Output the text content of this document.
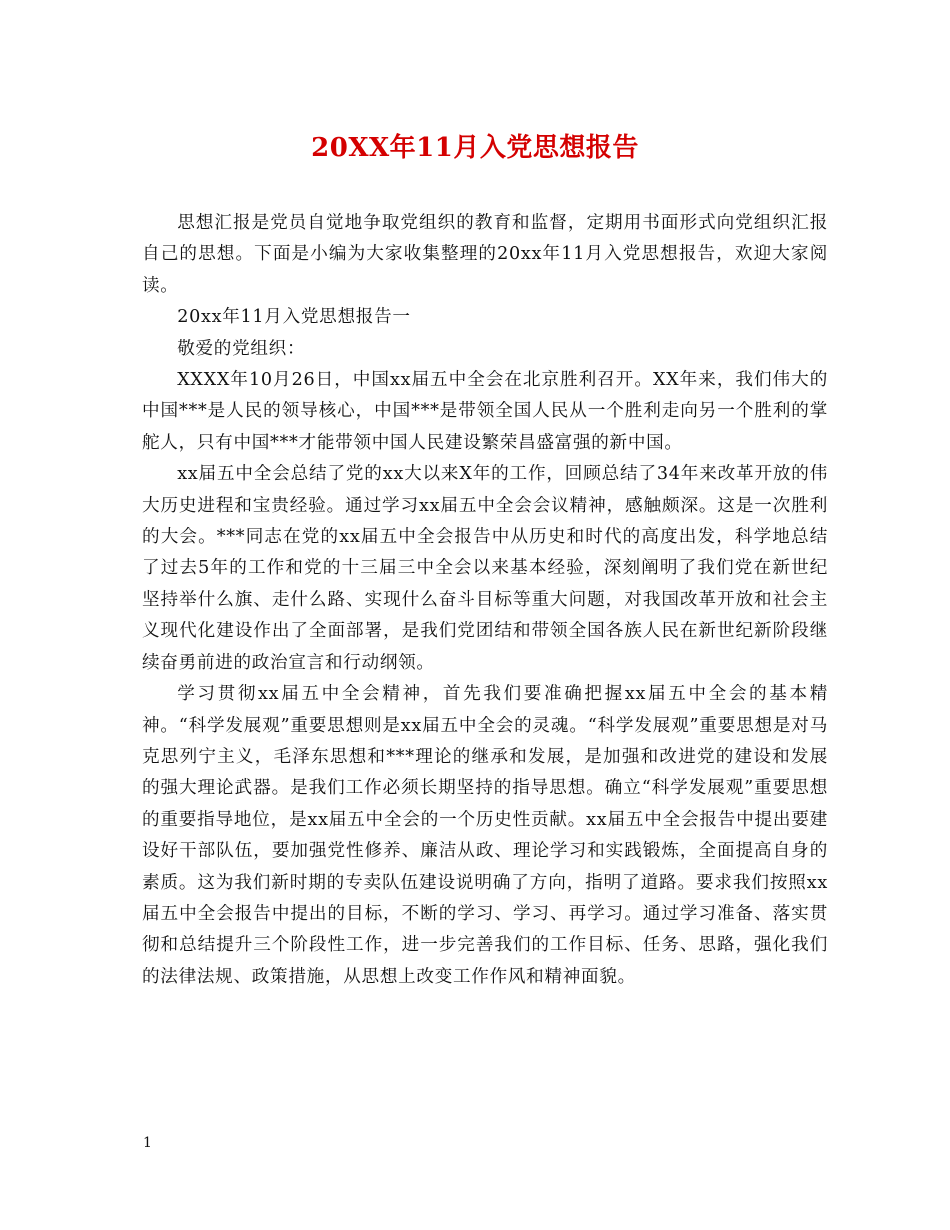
20XX年11月入党思想报告

思想汇报是党员自觉地争取党组织的教育和监督，定期用书面形式向党组织汇报自己的思想。下面是小编为大家收集整理的20xx年11月入党思想报告，欢迎大家阅读。

20xx年11月入党思想报告一

敬爱的党组织：

XXXX年10月26日，中国xx届五中全会在北京胜利召开。XX年来，我们伟大的中国***是人民的领导核心，中国***是带领全国人民从一个胜利走向另一个胜利的掌舵人，只有中国***才能带领中国人民建设繁荣昌盛富强的新中国。

xx届五中全会总结了党的xx大以来X年的工作，回顾总结了34年来改革开放的伟大历史进程和宝贵经验。通过学习xx届五中全会会议精神，感触颇深。这是一次胜利的大会。***同志在党的xx届五中全会报告中从历史和时代的高度出发，科学地总结了过去5年的工作和党的十三届三中全会以来基本经验，深刻阐明了我们党在新世纪坚持举什么旗、走什么路、实现什么奋斗目标等重大问题，对我国改革开放和社会主义现代化建设作出了全面部署，是我们党团结和带领全国各族人民在新世纪新阶段继续奋勇前进的政治宣言和行动纲领。

学习贯彻xx届五中全会精神，首先我们要准确把握xx届五中全会的基本精神。“科学发展观”重要思想则是xx届五中全会的灵魂。“科学发展观”重要思想是对马克思列宁主义，毛泽东思想和***理论的继承和发展，是加强和改进党的建设和发展的强大理论武器。是我们工作必须长期坚持的指导思想。确立“科学发展观”重要思想的重要指导地位，是xx届五中全会的一个历史性贡献。xx届五中全会报告中提出要建设好干部队伍，要加强党性修养、廉洁从政、理论学习和实践锻炼，全面提高自身的素质。这为我们新时期的专卖队伍建设说明确了方向，指明了道路。要求我们按照xx届五中全会报告中提出的目标，不断的学习、学习、再学习。通过学习准备、落实贯彻和总结提升三个阶段性工作，进一步完善我们的工作目标、任务、思路，强化我们的法律法规、政策措施，从思想上改变工作作风和精神面貌。

1
